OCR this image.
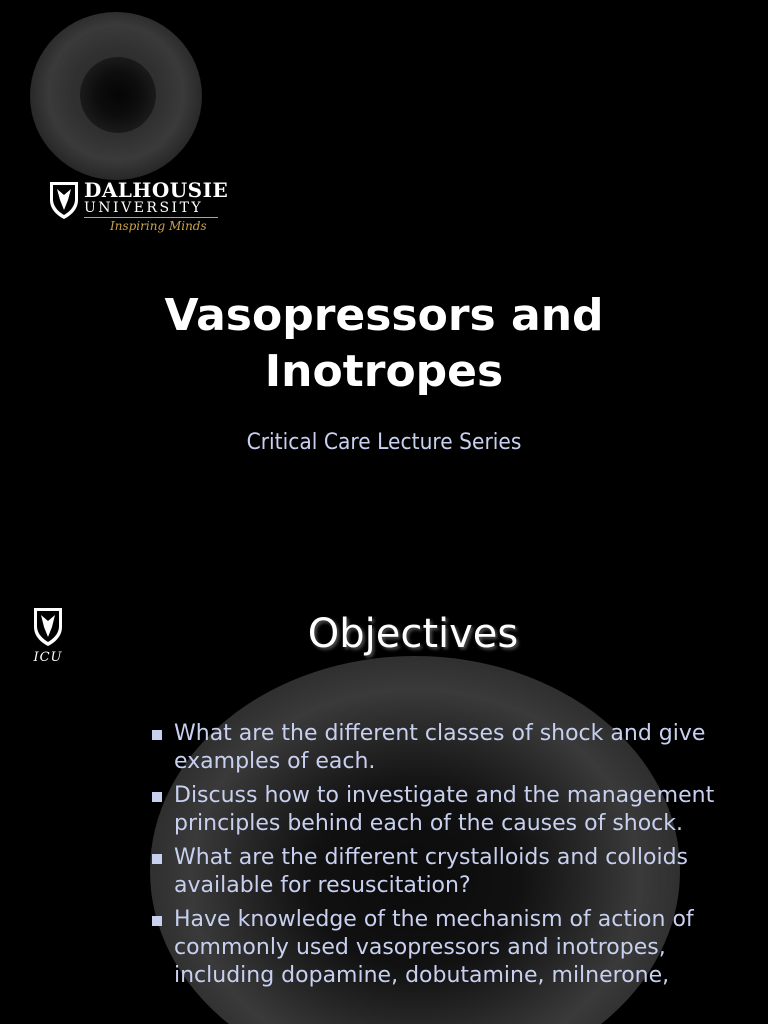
DALHOUSIE
UNIVERSITY
Inspiring Minds
Vasopressors and
Inotropes
Critical Care Lecture Series
ICU
Objectives
What are the different classes of shock and give examples of each.
Discuss how to investigate and the management principles behind each of the causes of shock.
What are the different crystalloids and colloids available for resuscitation?
Have knowledge of the mechanism of action of commonly used vasopressors and inotropes, including dopamine, dobutamine, milnerone,
